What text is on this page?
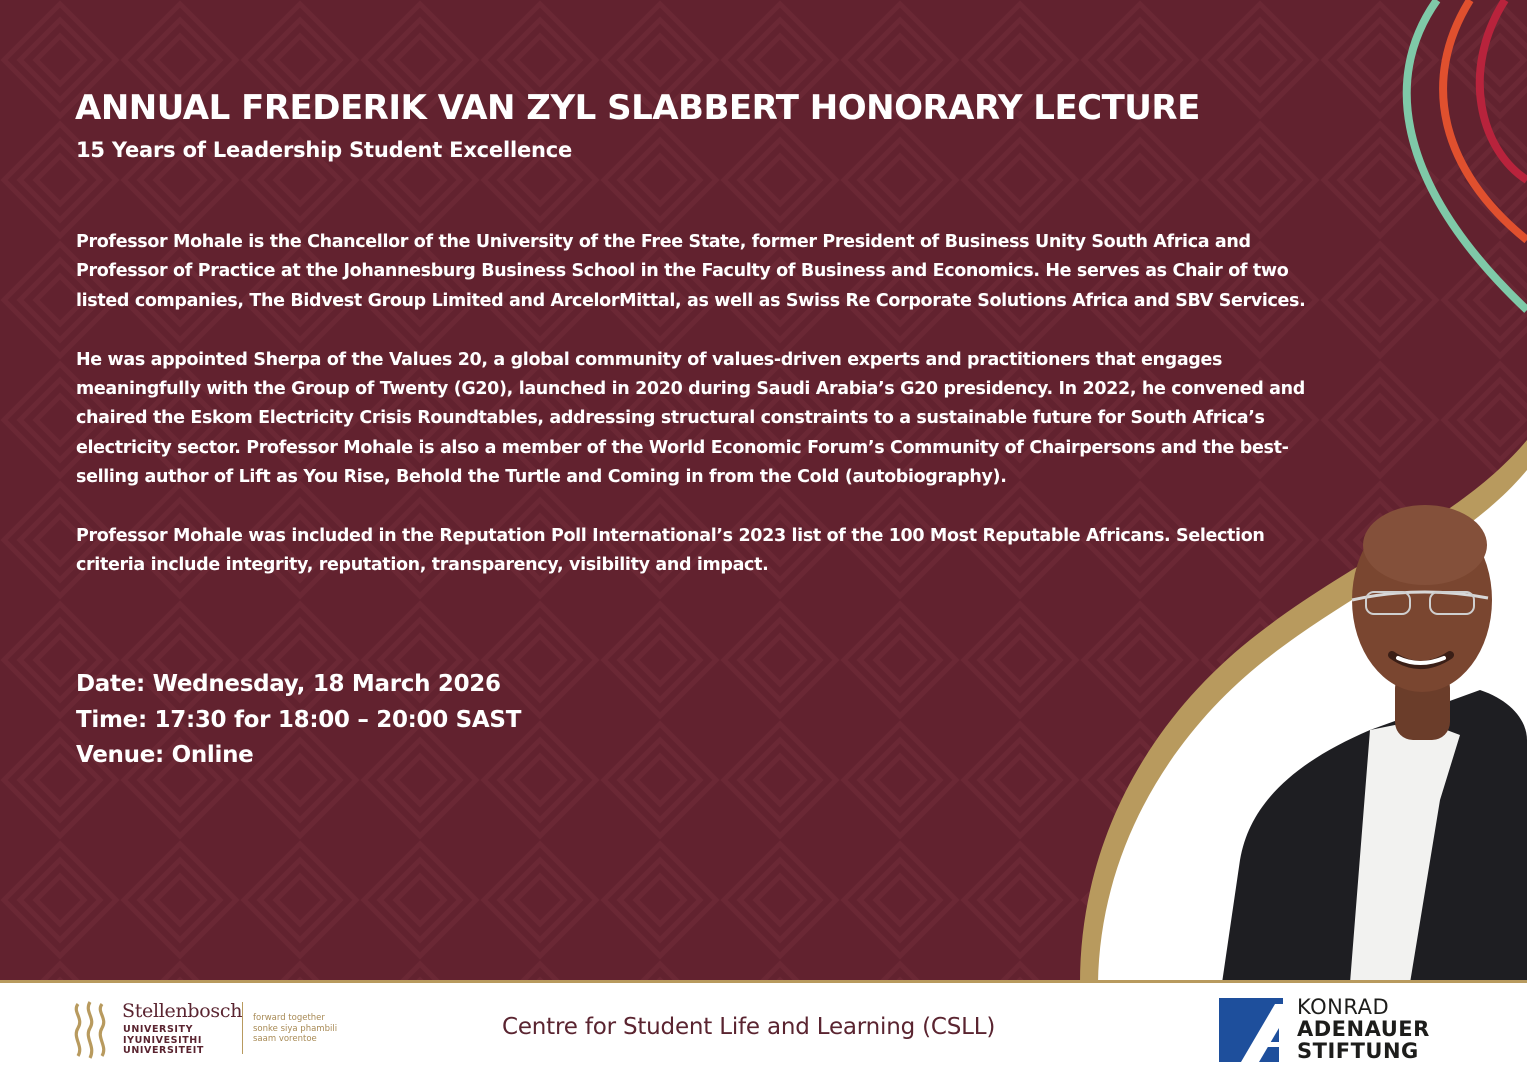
ANNUAL FREDERIK VAN ZYL SLABBERT HONORARY LECTURE
15 Years of Leadership Student Excellence

Professor Mohale is the Chancellor of the University of the Free State, former President of Business Unity South Africa and Professor of Practice at the Johannesburg Business School in the Faculty of Business and Economics. He serves as Chair of two listed companies, The Bidvest Group Limited and ArcelorMittal, as well as Swiss Re Corporate Solutions Africa and SBV Services.

He was appointed Sherpa of the Values 20, a global community of values-driven experts and practitioners that engages meaningfully with the Group of Twenty (G20), launched in 2020 during Saudi Arabia’s G20 presidency. In 2022, he convened and chaired the Eskom Electricity Crisis Roundtables, addressing structural constraints to a sustainable future for South Africa’s electricity sector. Professor Mohale is also a member of the World Economic Forum’s Community of Chairpersons and the best-selling author of Lift as You Rise, Behold the Turtle and Coming in from the Cold (autobiography).

Professor Mohale was included in the Reputation Poll International’s 2023 list of the 100 Most Reputable Africans. Selection criteria include integrity, reputation, transparency, visibility and impact.

Date: Wednesday, 18 March 2026
Time: 17:30 for 18:00 – 20:00 SAST
Venue: Online
Stellenbosch
UNIVERSITY
IYUNIVESITHI
UNIVERSITEIT
forward together
sonke siya phambili
saam vorentoe	Centre for Student Life and Learning (CSLL)
KONRAD
ADENAUER
STIFTUNG
